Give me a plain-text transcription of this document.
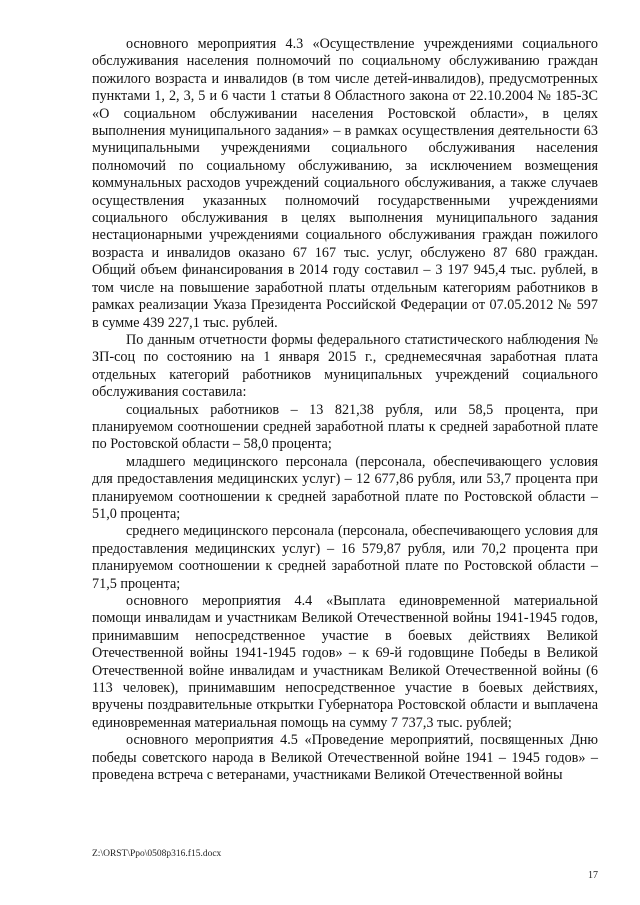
основного мероприятия 4.3 «Осуществление учреждениями социального обслуживания населения полномочий по социальному обслуживанию граждан пожилого возраста и инвалидов (в том числе детей-инвалидов), предусмотренных пунктами 1, 2, 3, 5 и 6 части 1 статьи 8 Областного закона от 22.10.2004 № 185-ЗС «О социальном обслуживании населения Ростовской области», в целях выполнения муниципального задания» – в рамках осуществления деятельности 63 муниципальными учреждениями социального обслуживания населения полномочий по социальному обслуживанию, за исключением возмещения коммунальных расходов учреждений социального обслуживания, а также случаев осуществления указанных полномочий государственными учреждениями социального обслуживания в целях выполнения муниципального задания нестационарными учреждениями социального обслуживания граждан пожилого возраста и инвалидов оказано 67 167 тыс. услуг, обслужено 87 680 граждан. Общий объем финансирования в 2014 году составил – 3 197 945,4 тыс. рублей, в том числе на повышение заработной платы отдельным категориям работников в рамках реализации Указа Президента Российской Федерации от 07.05.2012 № 597 в сумме 439 227,1 тыс. рублей.

По данным отчетности формы федерального статистического наблюдения № ЗП-соц по состоянию на 1 января 2015 г., среднемесячная заработная плата отдельных категорий работников муниципальных учреждений социального обслуживания составила:

социальных работников – 13 821,38 рубля, или 58,5 процента, при планируемом соотношении средней заработной платы к средней заработной плате по Ростовской области – 58,0 процента;

младшего медицинского персонала (персонала, обеспечивающего условия для предоставления медицинских услуг) – 12 677,86 рубля, или 53,7 процента при планируемом соотношении к средней заработной плате по Ростовской области – 51,0 процента;

среднего медицинского персонала (персонала, обеспечивающего условия для предоставления медицинских услуг) – 16 579,87 рубля, или 70,2 процента при планируемом соотношении к средней заработной плате по Ростовской области – 71,5 процента;

основного мероприятия 4.4 «Выплата единовременной материальной помощи инвалидам и участникам Великой Отечественной войны 1941-1945 годов, принимавшим непосредственное участие в боевых действиях Великой Отечественной войны 1941-1945 годов» – к 69-й годовщине Победы в Великой Отечественной войне инвалидам и участникам Великой Отечественной войны (6 113 человек), принимавшим непосредственное участие в боевых действиях, вручены поздравительные открытки Губернатора Ростовской области и выплачена единовременная материальная помощь на сумму 7 737,3 тыс. рублей;

основного мероприятия 4.5 «Проведение мероприятий, посвященных Дню победы советского народа в Великой Отечественной войне 1941 – 1945 годов» – проведена встреча с ветеранами, участниками Великой Отечественной войны

Z:\ORST\Ppo\0508p316.f15.docx
17
